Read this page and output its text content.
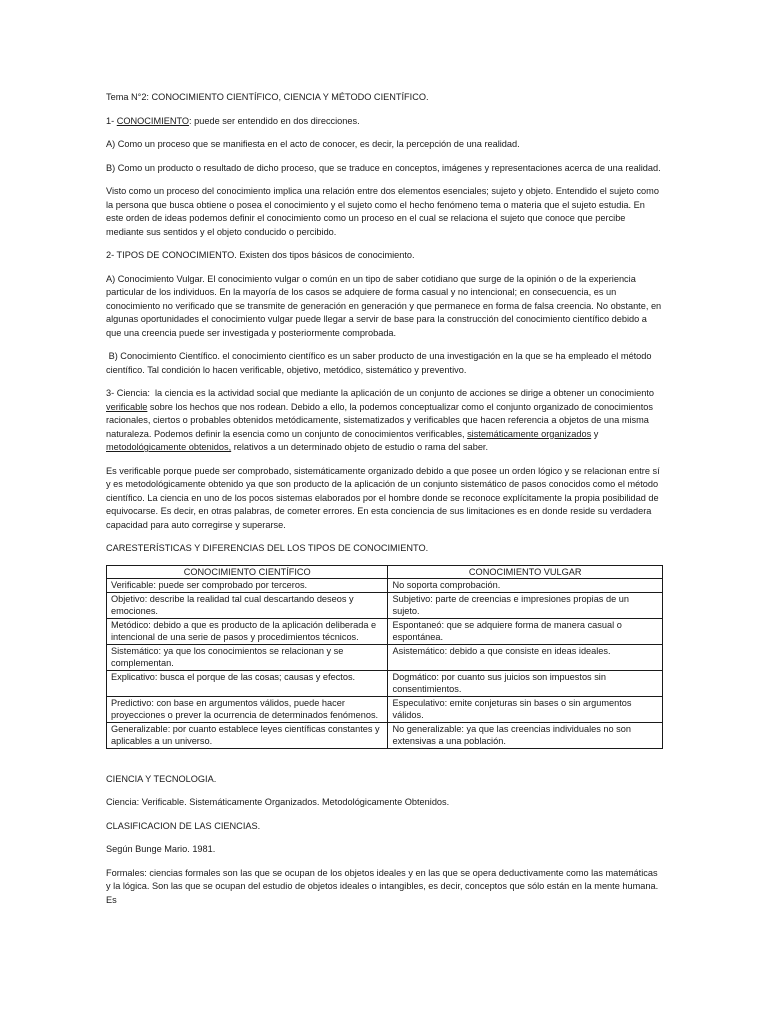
Tema N°2: CONOCIMIENTO CIENTÍFICO, CIENCIA Y MÉTODO CIENTÍFICO.

1- CONOCIMIENTO: puede ser entendido en dos direcciones.

A) Como un proceso que se manifiesta en el acto de conocer, es decir, la percepción de una realidad.

B) Como un producto o resultado de dicho proceso, que se traduce en conceptos, imágenes y representaciones acerca de una realidad.

Visto como un proceso del conocimiento implica una relación entre dos elementos esenciales; sujeto y objeto. Entendido el sujeto como la persona que busca obtiene o posea el conocimiento y el sujeto como el hecho fenómeno tema o materia que el sujeto estudia. En este orden de ideas podemos definir el conocimiento como un proceso en el cual se relaciona el sujeto que conoce que percibe mediante sus sentidos y el objeto conducido o percibido.

2- TIPOS DE CONOCIMIENTO. Existen dos tipos básicos de conocimiento.

A) Conocimiento Vulgar. El conocimiento vulgar o común en un tipo de saber cotidiano que surge de la opinión o de la experiencia particular de los individuos. En la mayoría de los casos se adquiere de forma casual y no intencional; en consecuencia, es un conocimiento no verificado que se transmite de generación en generación y que permanece en forma de falsa creencia. No obstante, en algunas oportunidades el conocimiento vulgar puede llegar a servir de base para la construcción del conocimiento científico debido a que una creencia puede ser investigada y posteriormente comprobada.

B) Conocimiento Científico. el conocimiento científico es un saber producto de una investigación en la que se ha empleado el método científico. Tal condición lo hacen verificable, objetivo, metódico, sistemático y preventivo.

3- Ciencia:  la ciencia es la actividad social que mediante la aplicación de un conjunto de acciones se dirige a obtener un conocimiento verificable sobre los hechos que nos rodean. Debido a ello, la podemos conceptualizar como el conjunto organizado de conocimientos racionales, ciertos o probables obtenidos metódicamente, sistematizados y verificables que hacen referencia a objetos de una misma naturaleza. Podemos definir la esencia como un conjunto de conocimientos verificables, sistemáticamente organizados y metodológicamente obtenidos, relativos a un determinado objeto de estudio o rama del saber.

Es verificable porque puede ser comprobado, sistemáticamente organizado debido a que posee un orden lógico y se relacionan entre sí y es metodológicamente obtenido ya que son producto de la aplicación de un conjunto sistemático de pasos conocidos como el método científico. La ciencia en uno de los pocos sistemas elaborados por el hombre donde se reconoce explícitamente la propia posibilidad de equivocarse. Es decir, en otras palabras, de cometer errores. En esta conciencia de sus limitaciones es en donde reside su verdadera capacidad para auto corregirse y superarse.

CARESTERÍSTICAS Y DIFERENCIAS DEL LOS TIPOS DE CONOCIMIENTO.

CONOCIMIENTO CIENTÍFICO	CONOCIMIENTO VULGAR
Verificable: puede ser comprobado por terceros.	No soporta comprobación.
Objetivo: describe la realidad tal cual descartando deseos y emociones.	Subjetivo: parte de creencias e impresiones propias de un sujeto.
Metódico: debido a que es producto de la aplicación deliberada e intencional de una serie de pasos y procedimientos técnicos.	Espontaneó: que se adquiere forma de manera casual o espontánea.
Sistemático: ya que los conocimientos se relacionan y se complementan.	Asistemático: debido a que consiste en ideas ideales.
Explicativo: busca el porque de las cosas; causas y efectos.	Dogmático: por cuanto sus juicios son impuestos sin consentimientos.
Predictivo: con base en argumentos válidos, puede hacer proyecciones o prever la ocurrencia de determinados fenómenos.	Especulativo: emite conjeturas sin bases o sin argumentos válidos.
Generalizable: por cuanto establece leyes científicas constantes y aplicables a un universo.	No generalizable: ya que las creencias individuales no son extensivas a una población.

CIENCIA Y TECNOLOGIA.

Ciencia: Verificable. Sistemáticamente Organizados. Metodológicamente Obtenidos.

CLASIFICACION DE LAS CIENCIAS.

Según Bunge Mario. 1981.

Formales: ciencias formales son las que se ocupan de los objetos ideales y en las que se opera deductivamente como las matemáticas y la lógica. Son las que se ocupan del estudio de objetos ideales o intangibles, es decir, conceptos que sólo están en la mente humana. Es
